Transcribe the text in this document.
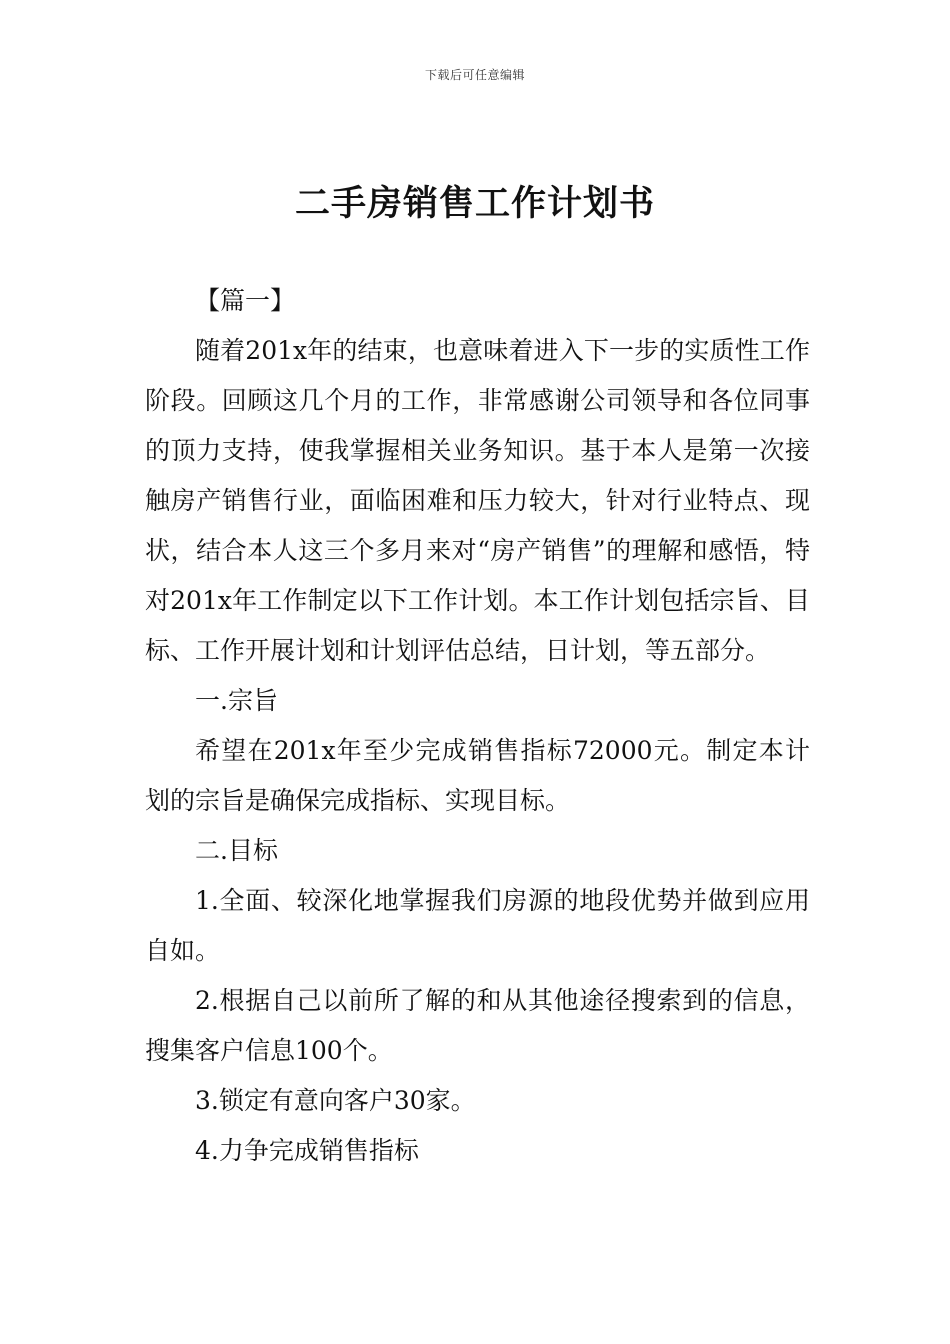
下载后可任意编辑
二手房销售工作计划书

【篇一】

随着201x年的结束，也意味着进入下一步的实质性工作阶段。回顾这几个月的工作，非常感谢公司领导和各位同事的顶力支持，使我掌握相关业务知识。基于本人是第一次接触房产销售行业，面临困难和压力较大，针对行业特点、现状，结合本人这三个多月来对“房产销售”的理解和感悟，特对201x年工作制定以下工作计划。本工作计划包括宗旨、目标、工作开展计划和计划评估总结，日计划，等五部分。

一.宗旨

希望在201x年至少完成销售指标72000元。制定本计划的宗旨是确保完成指标、实现目标。

二.目标

1.全面、较深化地掌握我们房源的地段优势并做到应用自如。

2.根据自己以前所了解的和从其他途径搜索到的信息，搜集客户信息100个。

3.锁定有意向客户30家。

4.力争完成销售指标
